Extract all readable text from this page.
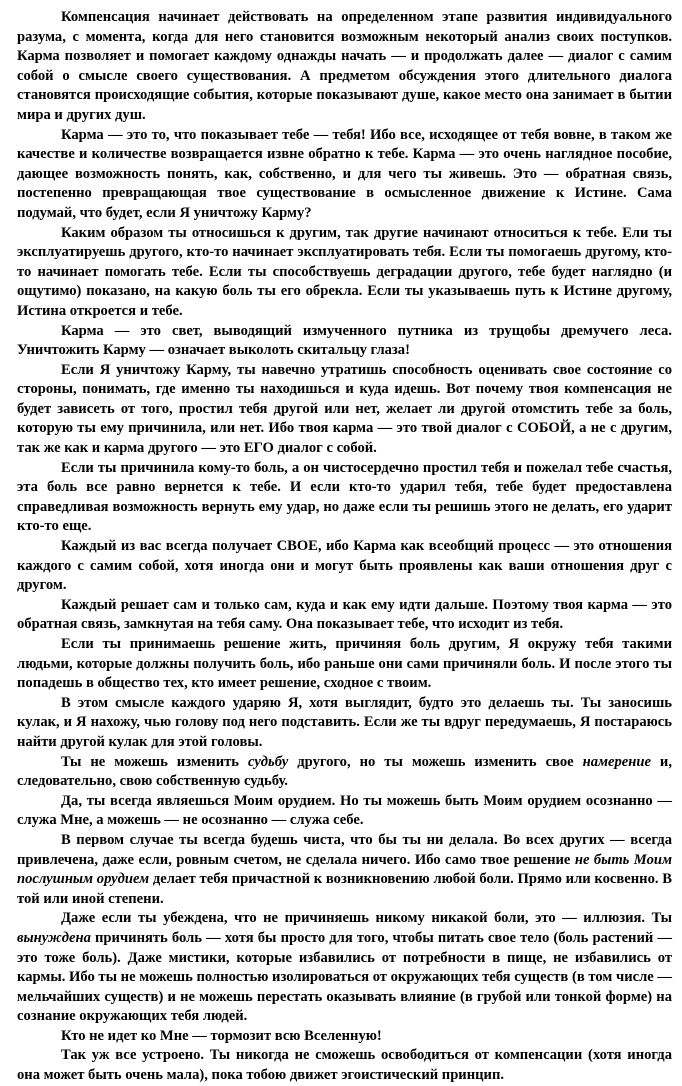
Компенсация начинает действовать на определенном этапе развития индивидуального разума, с момента, когда для него становится возможным некоторый анализ своих поступков. Карма позволяет и помогает каждому однажды начать — и продолжать далее — диалог с самим собой о смысле своего существования. А предметом обсуждения этого длительного диалога становятся происходящие события, которые показывают душе, какое место она занимает в бытии мира и других душ.

Карма — это то, что показывает тебе — тебя! Ибо все, исходящее от тебя вовне, в таком же качестве и количестве возвращается извне обратно к тебе. Карма — это очень наглядное пособие, дающее возможность понять, как, собственно, и для чего ты живешь. Это — обратная связь, постепенно превращающая твое существование в осмысленное движение к Истине. Сама подумай, что будет, если Я уничтожу Карму?

Каким образом ты относишься к другим, так другие начинают относиться к тебе. Ели ты эксплуатируешь другого, кто-то начинает эксплуатировать тебя. Если ты помогаешь другому, кто-то начинает помогать тебе. Если ты способствуешь деградации другого, тебе будет наглядно (и ощутимо) показано, на какую боль ты его обрекла. Если ты указываешь путь к Истине другому, Истина откроется и тебе.

Карма — это свет, выводящий измученного путника из трущобы дремучего леса. Уничтожить Карму — означает выколоть скитальцу глаза!

Если Я уничтожу Карму, ты навечно утратишь способность оценивать свое состояние со стороны, понимать, где именно ты находишься и куда идешь. Вот почему твоя компенсация не будет зависеть от того, простил тебя другой или нет, желает ли другой отомстить тебе за боль, которую ты ему причинила, или нет. Ибо твоя карма — это твой диалог с СОБОЙ, а не с другим, так же как и карма другого — это ЕГО диалог с собой.

Если ты причинила кому-то боль, а он чистосердечно простил тебя и пожелал тебе счастья, эта боль все равно вернется к тебе. И если кто-то ударил тебя, тебе будет предоставлена справедливая возможность вернуть ему удар, но даже если ты решишь этого не делать, его ударит кто-то еще.

Каждый из вас всегда получает СВОЕ, ибо Карма как всеобщий процесс — это отношения каждого с самим собой, хотя иногда они и могут быть проявлены как ваши отношения друг с другом.

Каждый решает сам и только сам, куда и как ему идти дальше. Поэтому твоя карма — это обратная связь, замкнутая на тебя саму. Она показывает тебе, что исходит из тебя.

Если ты принимаешь решение жить, причиняя боль другим, Я окружу тебя такими людьми, которые должны получить боль, ибо раньше они сами причиняли боль. И после этого ты попадешь в общество тех, кто имеет решение, сходное с твоим.

В этом смысле каждого ударяю Я, хотя выглядит, будто это делаешь ты. Ты заносишь кулак, и Я нахожу, чью голову под него подставить. Если же ты вдруг передумаешь, Я постараюсь найти другой кулак для этой головы.

Ты не можешь изменить судьбу другого, но ты можешь изменить свое намерение и, следовательно, свою собственную судьбу.

Да, ты всегда являешься Моим орудием. Но ты можешь быть Моим орудием осознанно — служа Мне, а можешь — не осознанно — служа себе.

В первом случае ты всегда будешь чиста, что бы ты ни делала. Во всех других — всегда привлечена, даже если, ровным счетом, не сделала ничего. Ибо само твое решение не быть Моим послушным орудием делает тебя причастной к возникновению любой боли. Прямо или косвенно. В той или иной степени.

Даже если ты убеждена, что не причиняешь никому никакой боли, это — иллюзия. Ты вынуждена причинять боль — хотя бы просто для того, чтобы питать свое тело (боль растений — это тоже боль). Даже мистики, которые избавились от потребности в пище, не избавились от кармы. Ибо ты не можешь полностью изолироваться от окружающих тебя существ (в том числе — мельчайших существ) и не можешь перестать оказывать влияние (в грубой или тонкой форме) на сознание окружающих тебя людей.

Кто не идет ко Мне — тормозит всю Вселенную!

Так уж все устроено. Ты никогда не сможешь освободиться от компенсации (хотя иногда она может быть очень мала), пока тобою движет эгоистический принцип.
